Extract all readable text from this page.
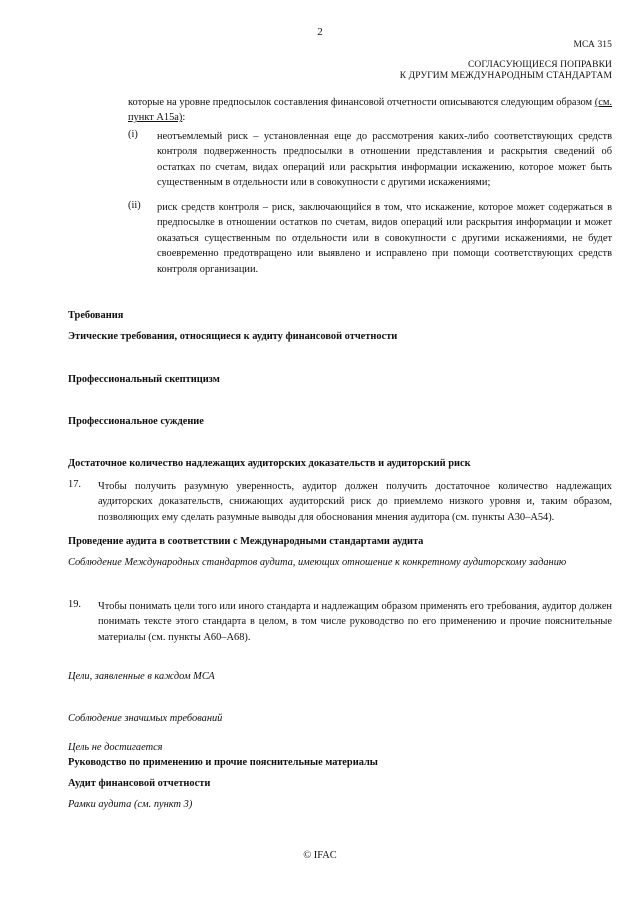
2
МСА 315
СОГЛАСУЮЩИЕСЯ ПОПРАВКИ
К ДРУГИМ МЕЖДУНАРОДНЫМ СТАНДАРТАМ
которые на уровне предпосылок составления финансовой отчетности описываются следующим образом (см. пункт А15а):
(i) неотъемлемый риск – установленная еще до рассмотрения каких-либо соответствующих средств контроля подверженность предпосылки в отношении представления и раскрытия сведений об остатках по счетам, видах операций или раскрытия информации искажению, которое может быть существенным в отдельности или в совокупности с другими искажениями;
(ii) риск средств контроля – риск, заключающийся в том, что искажение, которое может содержаться в предпосылке в отношении остатков по счетам, видов операций или раскрытия информации и может оказаться существенным по отдельности или в совокупности с другими искажениями, не будет своевременно предотвращено или выявлено и исправлено при помощи соответствующих средств контроля организации.
Требования
Этические требования, относящиеся к аудиту финансовой отчетности
Профессиональный скептицизм
Профессиональное суждение
Достаточное количество надлежащих аудиторских доказательств и аудиторский риск
17. Чтобы получить разумную уверенность, аудитор должен получить достаточное количество надлежащих аудиторских доказательств, снижающих аудиторский риск до приемлемо низкого уровня и, таким образом, позволяющих ему сделать разумные выводы для обоснования мнения аудитора (см. пункты А30–А54).
Проведение аудита в соответствии с Международными стандартами аудита
Соблюдение Международных стандартов аудита, имеющих отношение к конкретному аудиторскому заданию
19. Чтобы понимать цели того или иного стандарта и надлежащим образом применять его требования, аудитор должен понимать тексте этого стандарта в целом, в том числе руководство по его применению и прочие пояснительные материалы (см. пункты А60–А68).
Цели, заявленные в каждом МСА
Соблюдение значимых требований
Цель не достигается
Руководство по применению и прочие пояснительные материалы
Аудит финансовой отчетности
Рамки аудита (см. пункт 3)
© IFAC
